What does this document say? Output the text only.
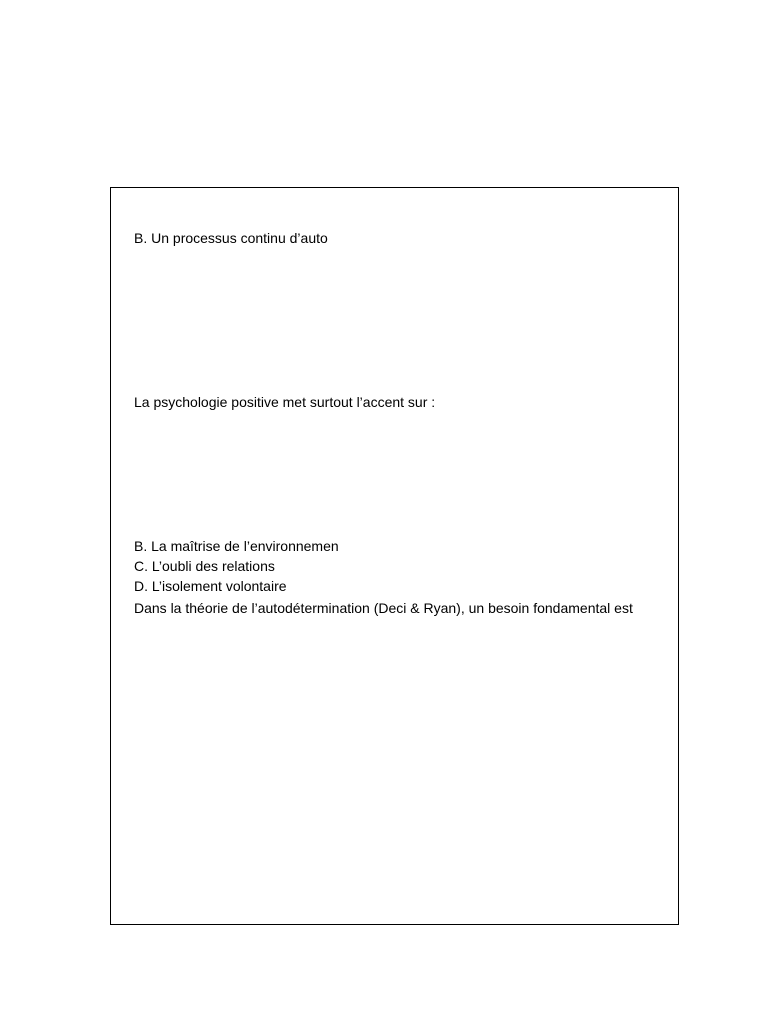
B. Un processus continu d’auto
La psychologie positive met surtout l’accent sur :
B. La maîtrise de l’environnemen
C. L’oubli des relations
D. L’isolement volontaire
Dans la théorie de l’autodétermination (Deci & Ryan), un besoin fondamental est
